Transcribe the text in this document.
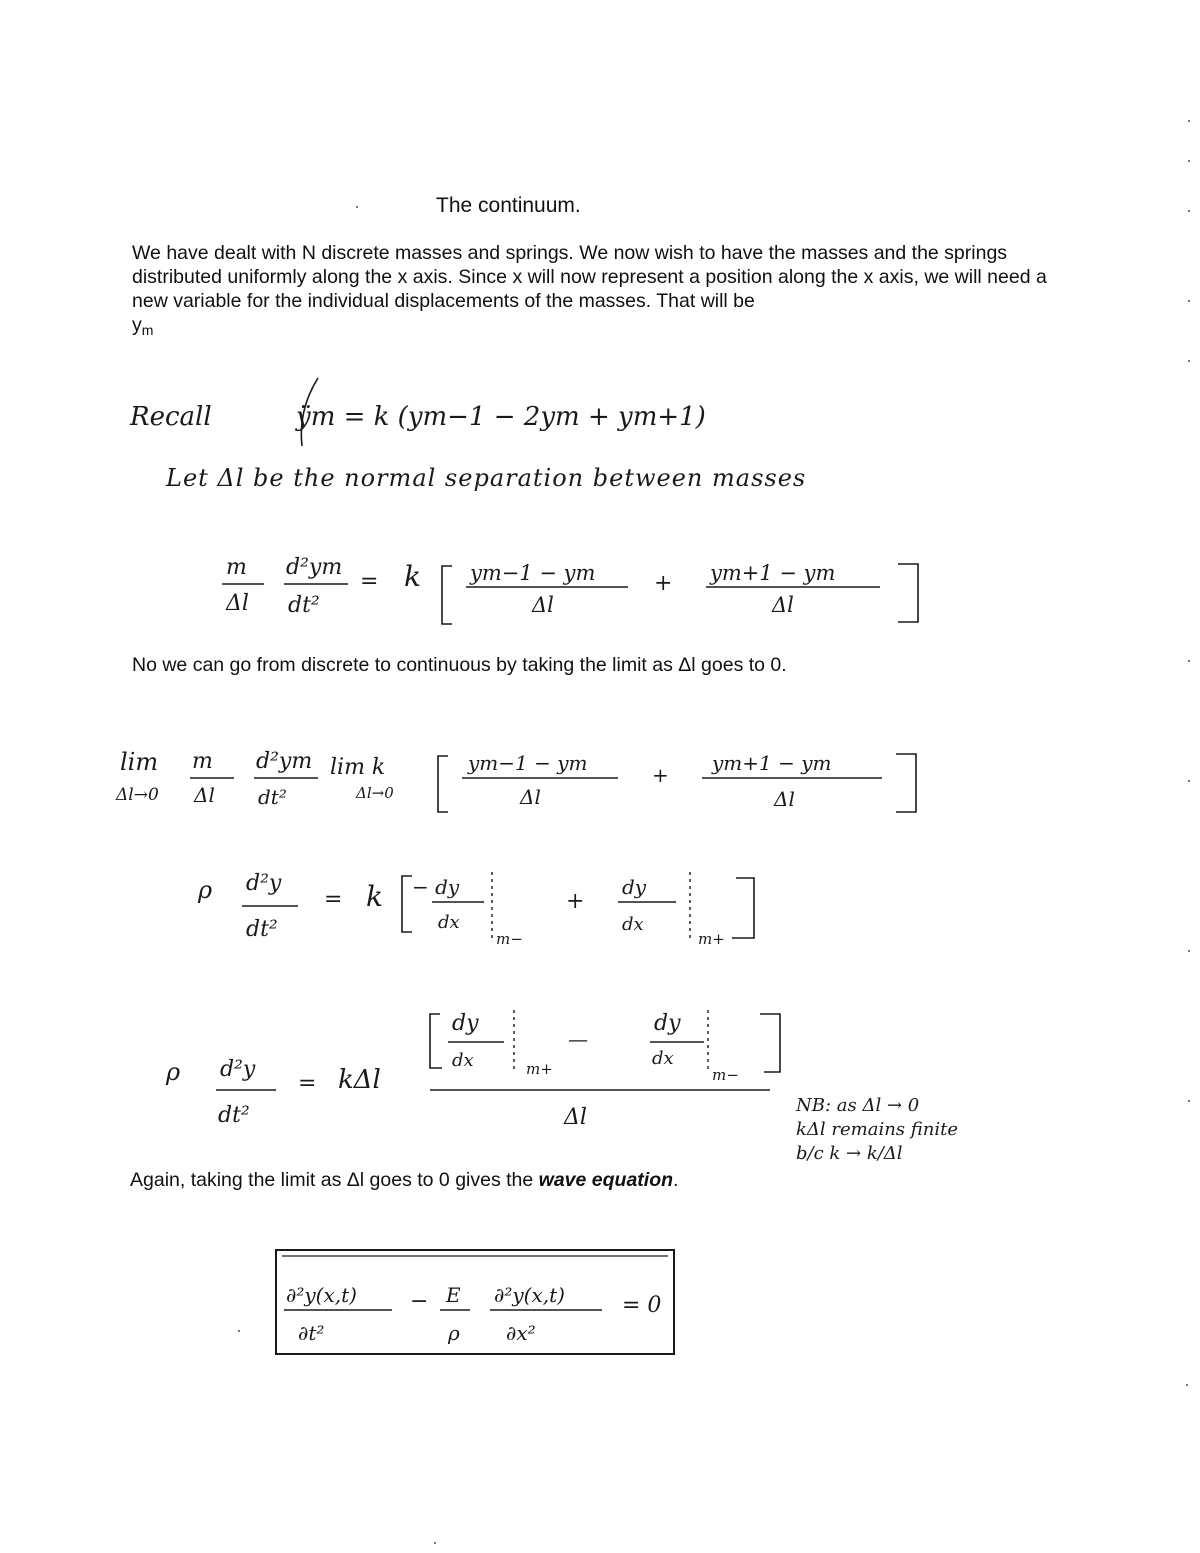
The continuum.
We have dealt with N discrete masses and springs. We now wish to have the masses and the springs distributed uniformly along the x axis. Since x will now represent a position along the x axis, we will need a new variable for the individual displacements of the masses. That will be
$y_m$
Recall	ÿm = k (ym−1 − 2ym + ym+1)
Let Δl be the normal separation between masses
No we can go from discrete to continuous by taking the limit as Δl goes to 0.
Again, taking the limit as Δl goes to 0 gives the wave equation.
NB: as Δl → 0
kΔl remains finite
b/c k → k/Δl
m
Δl
d²ym
dt²
= k ym−1 − ym
Δl
+ ym+1 − ym
Δl
lim
Δl→0
m
Δl
d²ym
dt²
lim k
Δl→0
ym−1 − ym
Δl
+ ym+1 − ym
Δl
ρ d²y
dt²
= k − dy
dx
m−
+
dy
dx
m+
ρ d²y
dt²
= kΔl
dy
dx	m+
—
dy
dx
m−
Δl
∂²y(x,t)
∂t²
− E
ρ
∂²y(x,t)
∂x²
= 0
